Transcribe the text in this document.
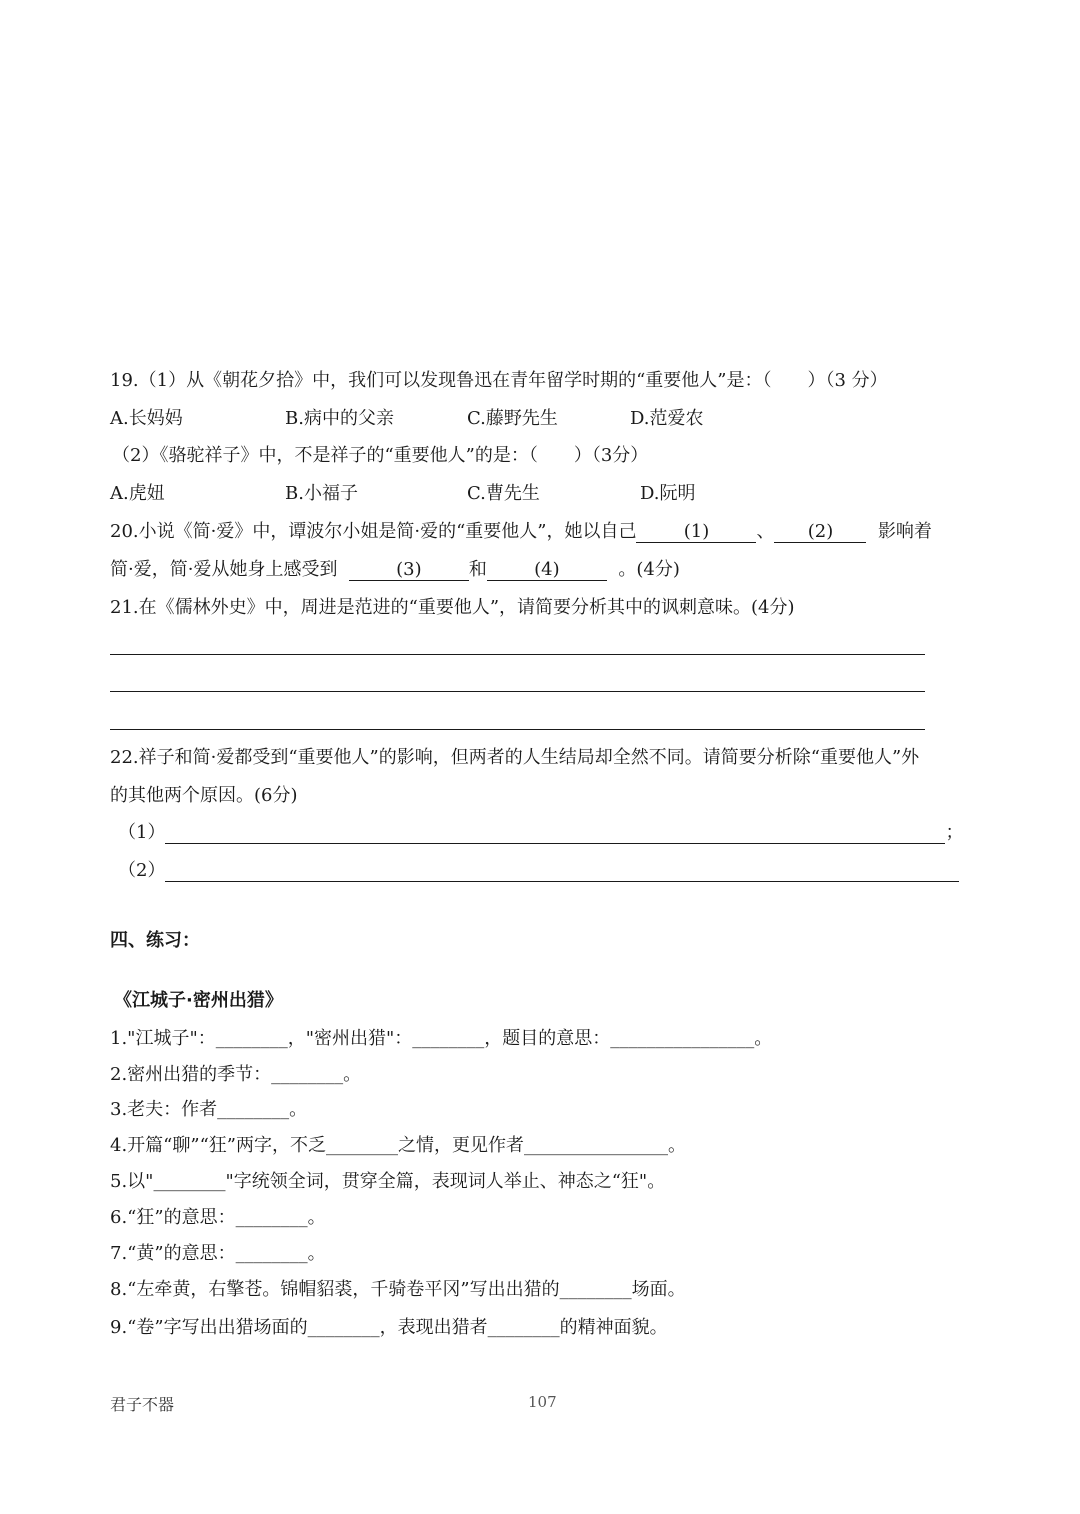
19.（1）从《朝花夕拾》中，我们可以发现鲁迅在青年留学时期的“重要他人”是：（　　）（3 分）
A.长妈妈	B.病中的父亲	C.藤野先生	D.范爱农
（2）《骆驼祥子》中，不是祥子的“重要他人”的是：（　　）（3分）
A.虎妞	B.小福子	C.曹先生	D.阮明
20.小说《简·爱》中，谭波尔小姐是简·爱的“重要他人”，她以自己	(1)	、 (2) 影响着
简·爱，简·爱从她身上感受到	(3)	和	(4)	。(4分)
21.在《儒林外史》中，周进是范进的“重要他人”，请简要分析其中的讽刺意味。(4分)
22.祥子和简·爱都受到“重要他人”的影响，但两者的人生结局却全然不同。请简要分析除“重要他人”外
的其他两个原因。(6分)
（1）	；
（2）
四、练习：
《江城子·密州出猎》
1."江城子"：________，"密州出猎"：________，题目的意思：________________。
2.密州出猎的季节：________。
3.老夫：作者________。
4.开篇“聊”“狂”两字，不乏________之情，更见作者________________。
5.以"________"字统领全词，贯穿全篇，表现词人举止、神态之“狂"。
6.“狂”的意思：________。
7.“黄”的意思：________。
8.“左牵黄，右擎苍。锦帽貂裘，千骑卷平冈”写出出猎的________场面。
9.“卷”字写出出猎场面的________，表现出猎者________的精神面貌。
君子不器	107
